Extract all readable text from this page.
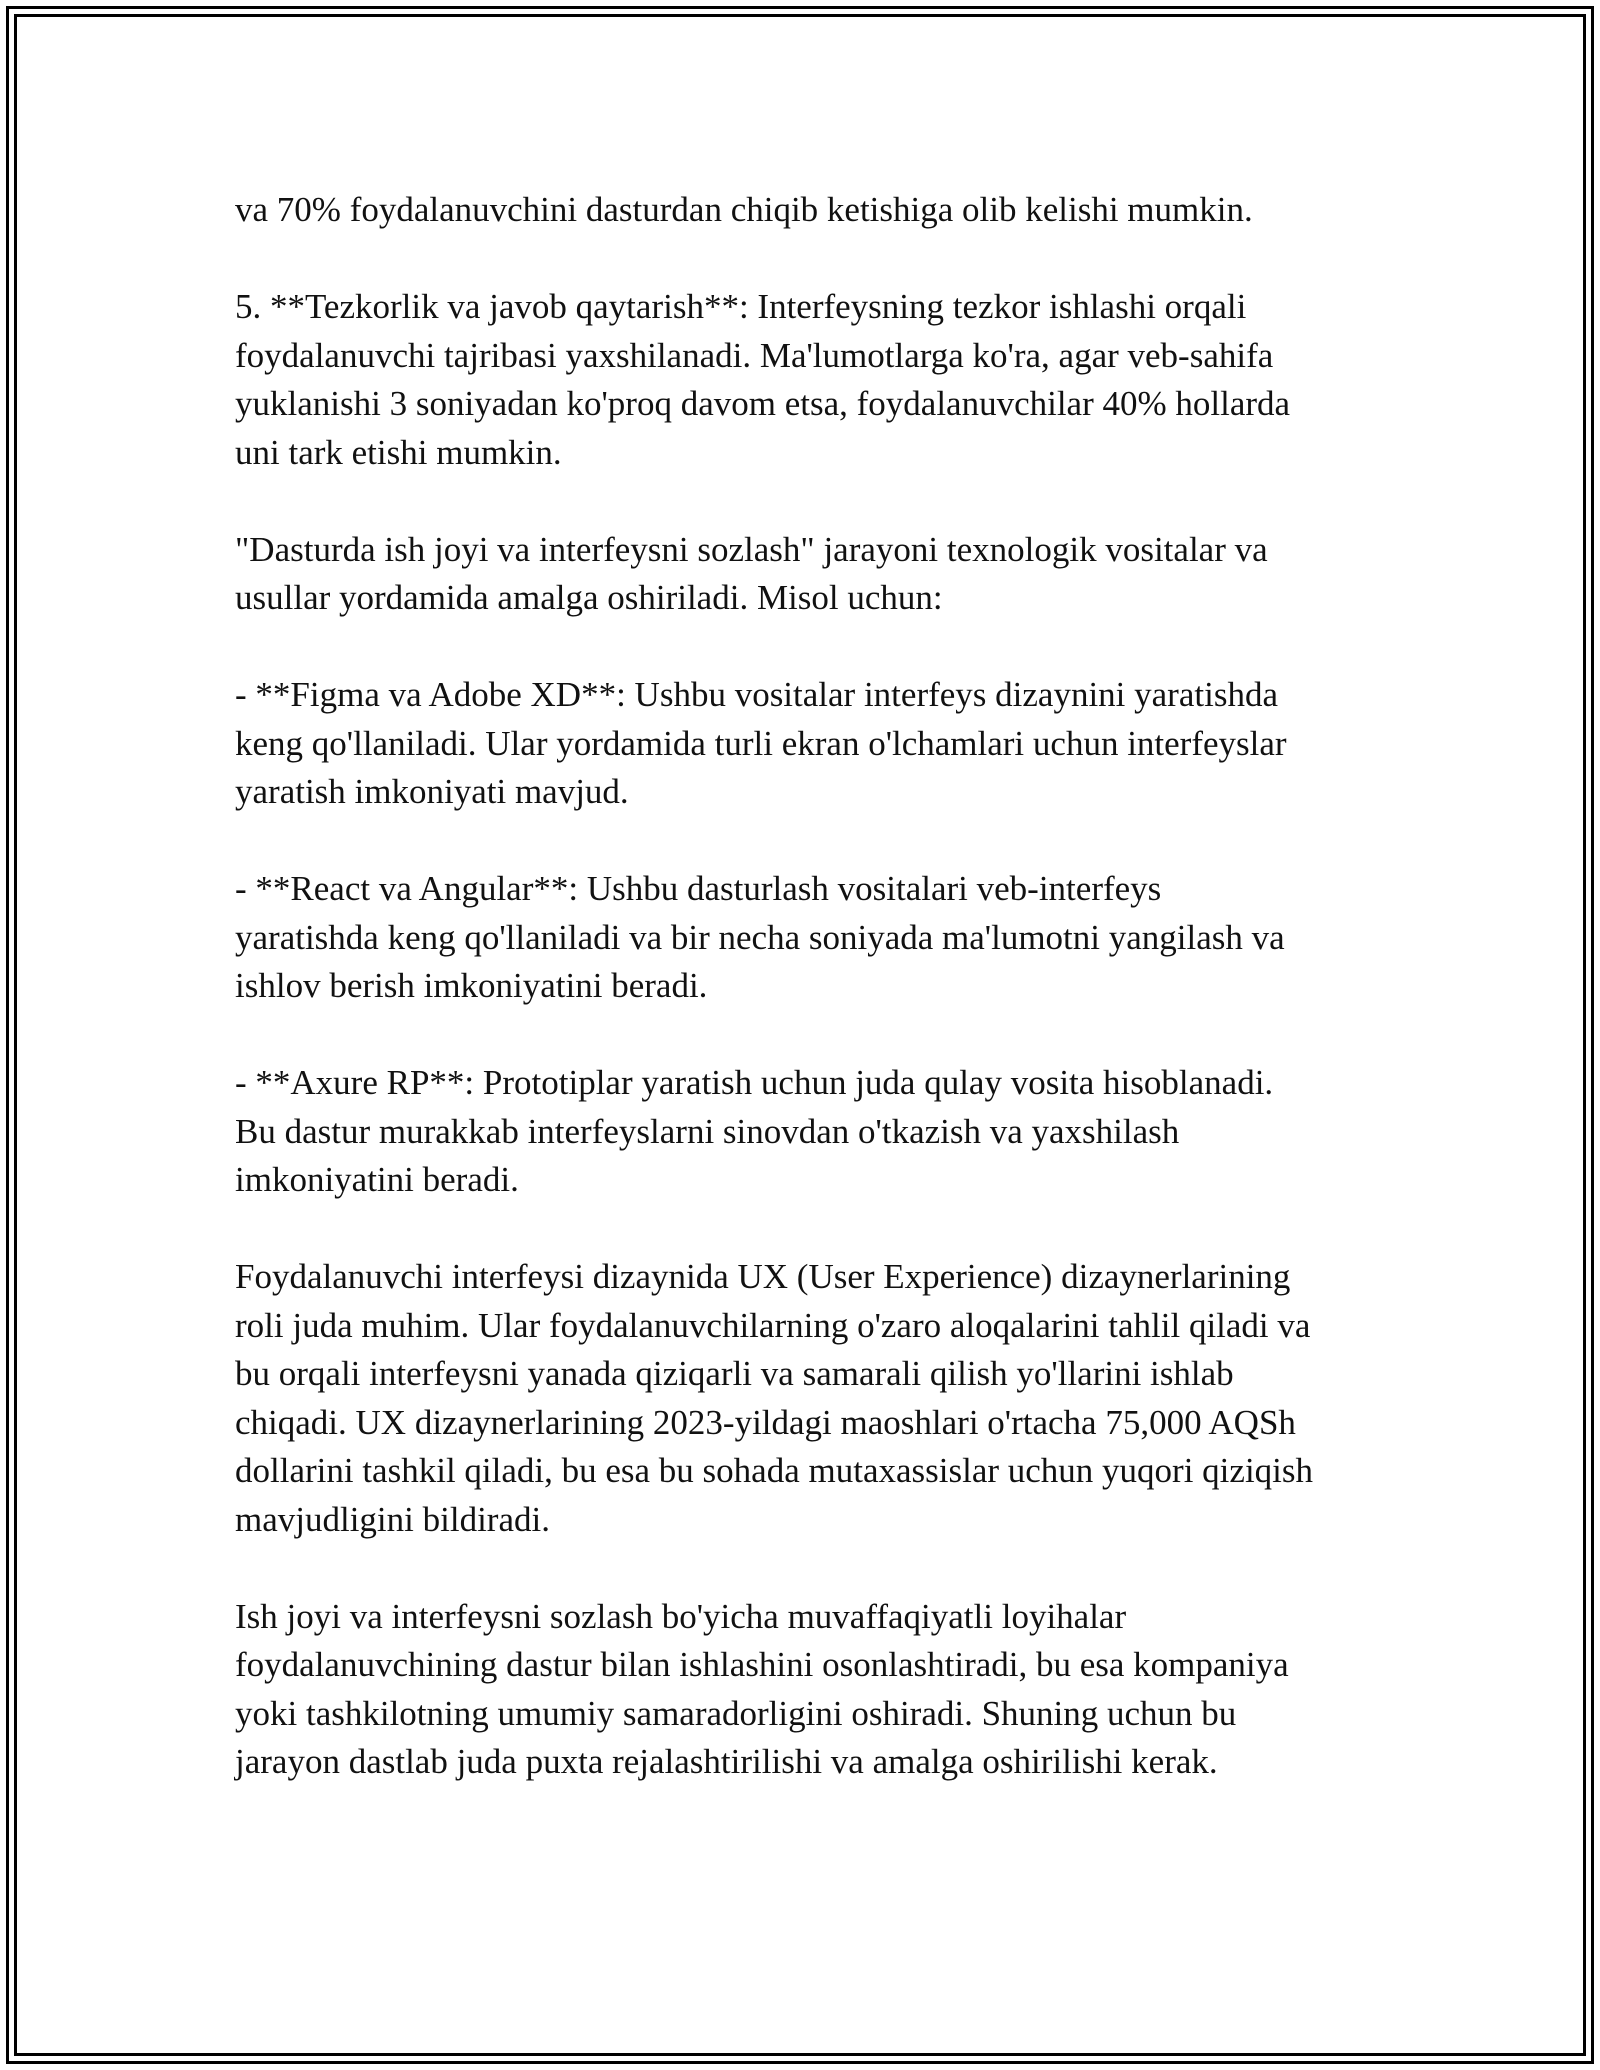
va 70% foydalanuvchini dasturdan chiqib ketishiga olib kelishi mumkin.

5. **Tezkorlik va javob qaytarish**: Interfeysning tezkor ishlashi orqali
foydalanuvchi tajribasi yaxshilanadi. Ma'lumotlarga ko'ra, agar veb-sahifa
yuklanishi 3 soniyadan ko'proq davom etsa, foydalanuvchilar 40% hollarda
uni tark etishi mumkin.

"Dasturda ish joyi va interfeysni sozlash" jarayoni texnologik vositalar va
usullar yordamida amalga oshiriladi. Misol uchun:

- **Figma va Adobe XD**: Ushbu vositalar interfeys dizaynini yaratishda
keng qo'llaniladi. Ular yordamida turli ekran o'lchamlari uchun interfeyslar
yaratish imkoniyati mavjud.

- **React va Angular**: Ushbu dasturlash vositalari veb-interfeys
yaratishda keng qo'llaniladi va bir necha soniyada ma'lumotni yangilash va
ishlov berish imkoniyatini beradi.

- **Axure RP**: Prototiplar yaratish uchun juda qulay vosita hisoblanadi.
Bu dastur murakkab interfeyslarni sinovdan o'tkazish va yaxshilash
imkoniyatini beradi.

Foydalanuvchi interfeysi dizaynida UX (User Experience) dizaynerlarining
roli juda muhim. Ular foydalanuvchilarning o'zaro aloqalarini tahlil qiladi va
bu orqali interfeysni yanada qiziqarli va samarali qilish yo'llarini ishlab
chiqadi. UX dizaynerlarining 2023-yildagi maoshlari o'rtacha 75,000 AQSh
dollarini tashkil qiladi, bu esa bu sohada mutaxassislar uchun yuqori qiziqish
mavjudligini bildiradi.

Ish joyi va interfeysni sozlash bo'yicha muvaffaqiyatli loyihalar
foydalanuvchining dastur bilan ishlashini osonlashtiradi, bu esa kompaniya
yoki tashkilotning umumiy samaradorligini oshiradi. Shuning uchun bu
jarayon dastlab juda puxta rejalashtirilishi va amalga oshirilishi kerak.
